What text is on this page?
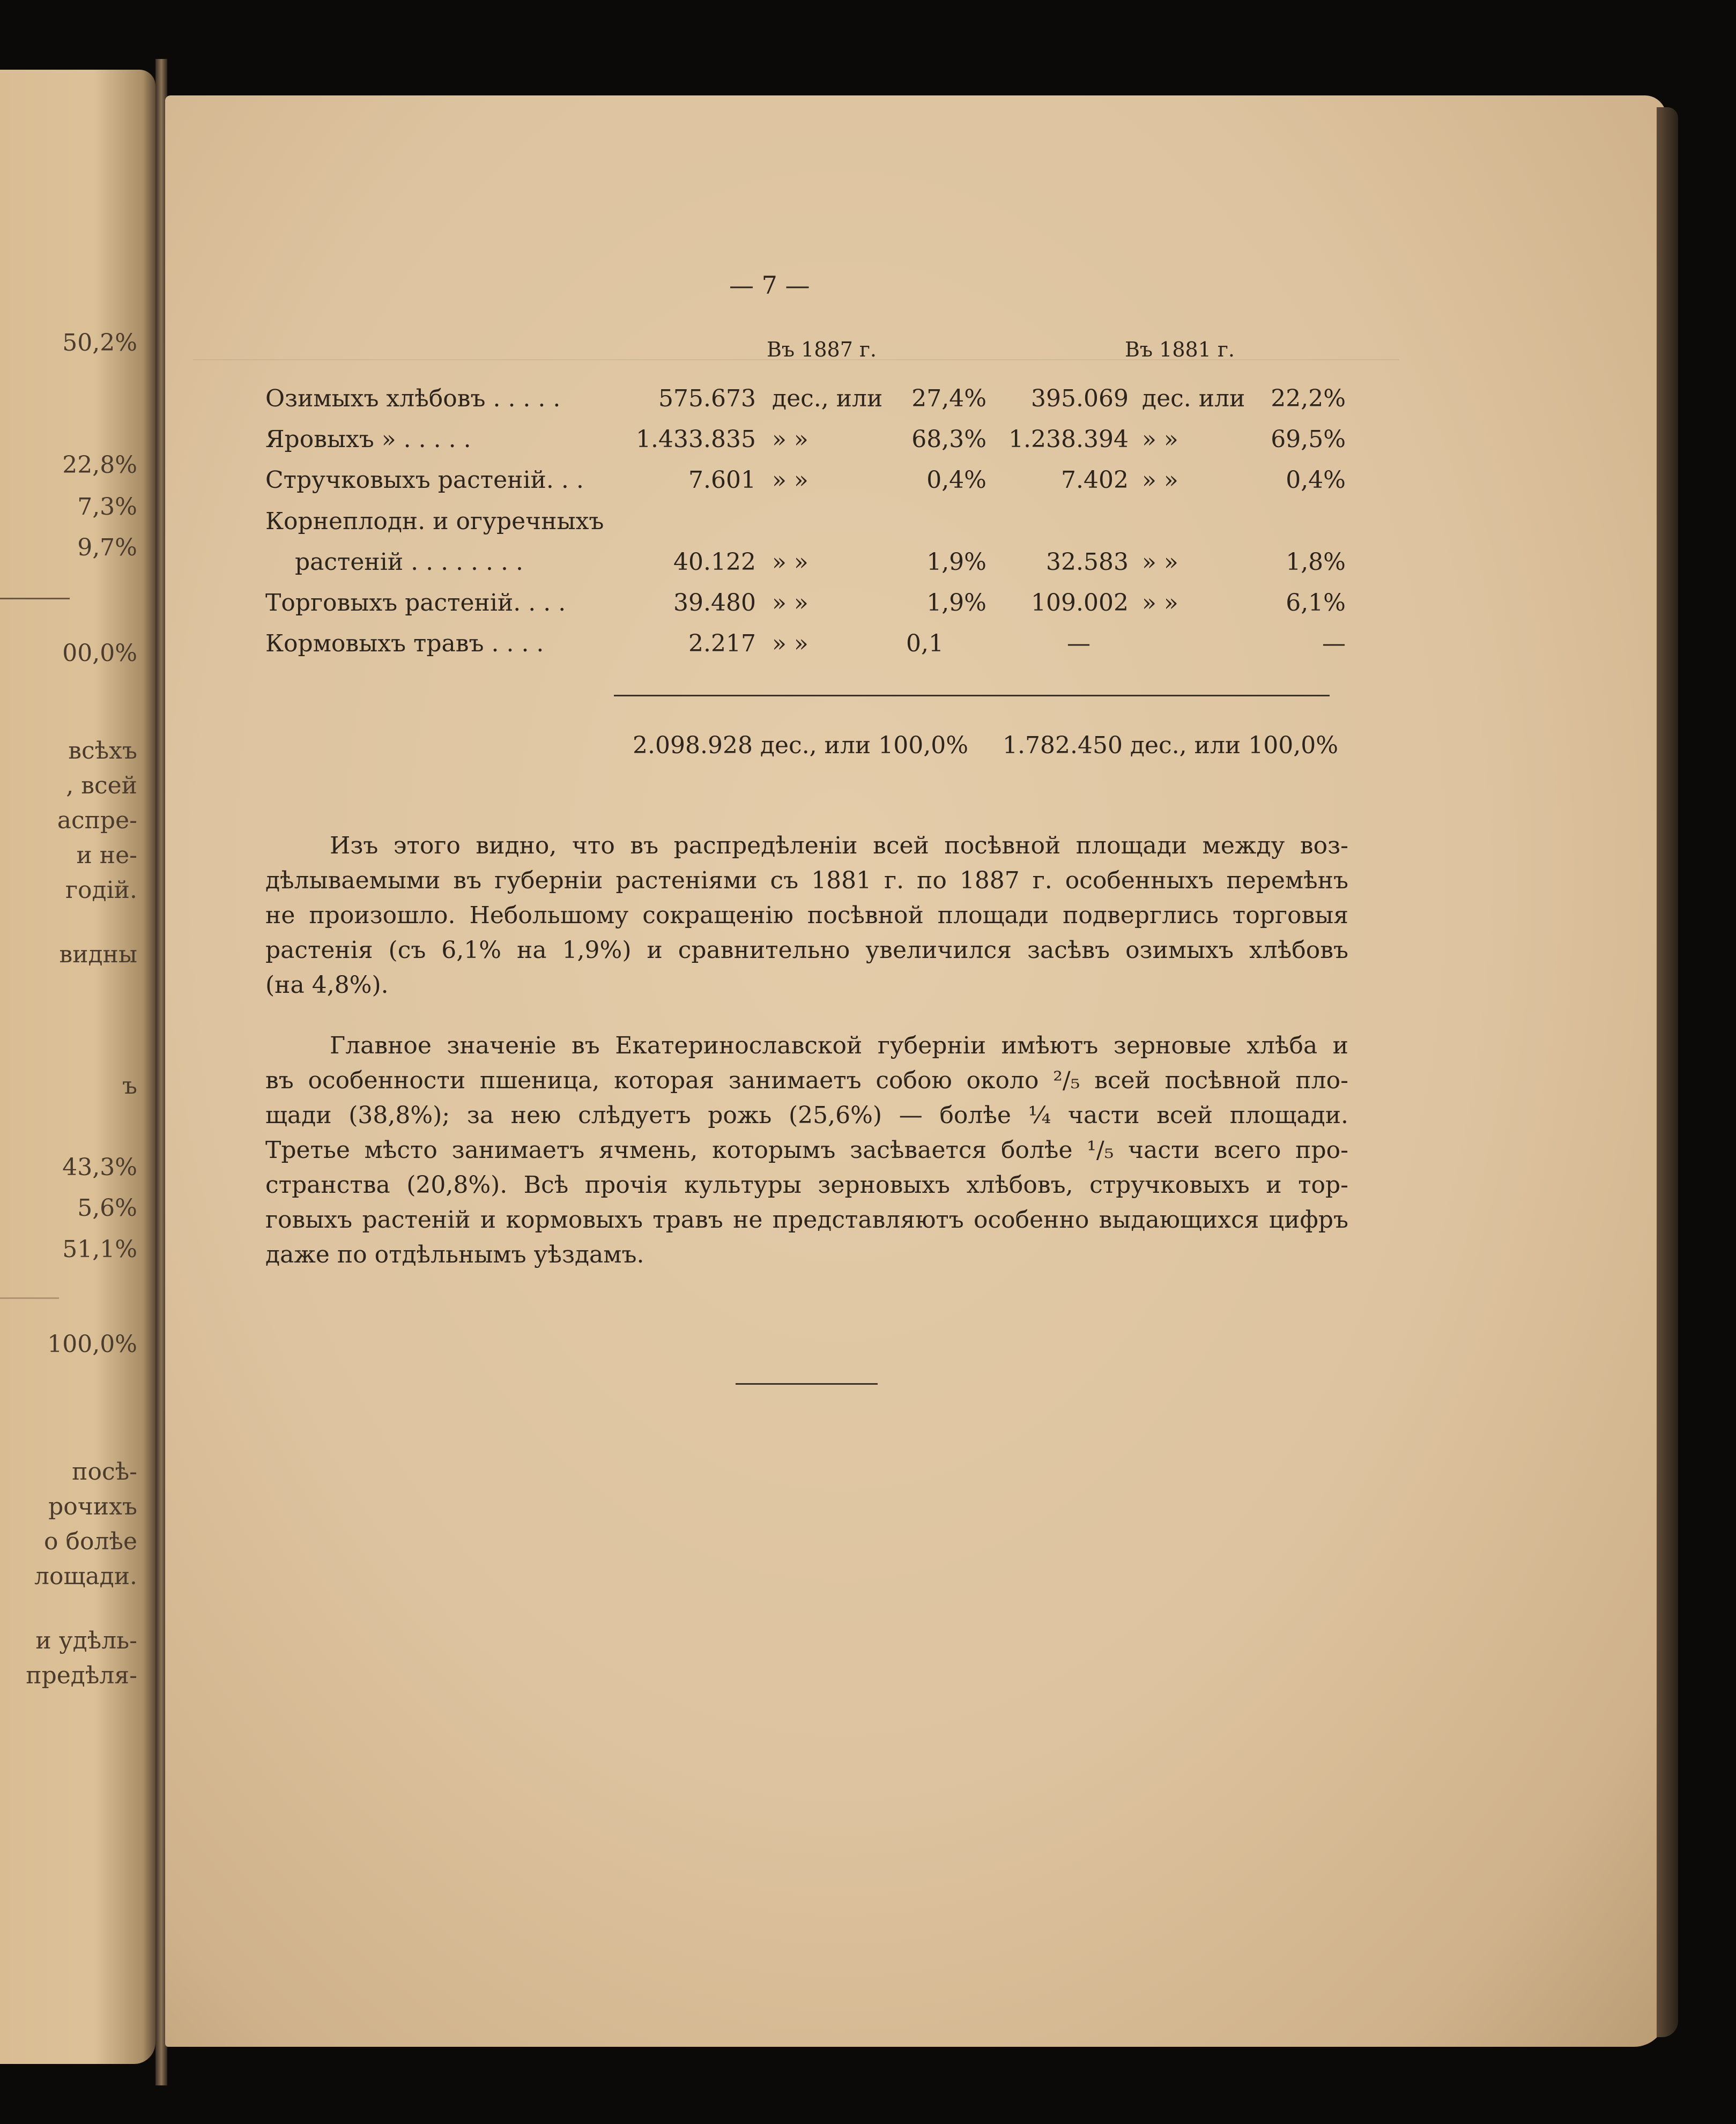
50,2%
22,8%
7,3%
9,7%
00,0%
всѣхъ
, всей
аспре-
и не-
годій.
видны
ъ
43,3%
5,6%
51,1%
100,0%
посѣ-
рочихъ
о болѣе
лощади.
и удѣль-
предѣля-
— 7 —
Въ 1887 г.	Въ 1881 г.
Озимыхъ хлѣбовъ . . . . .	575.673 дес., или	27,4%	395.069 дес. или	22,2%
Яровыхъ » . . . . .	1.433.835 » »	68,3% 1.238.394 » »	69,5%
Стручковыхъ растеній. . .	7.601 » »	0,4%	7.402 » »	0,4%
Корнеплодн. и огуречныхъ
растеній . . . . . . . .	40.122 » »	1,9%	32.583 » »	1,8%
Торговыхъ растеній. . . .	39.480 » »	1,9%	109.002 » »	6,1%
Кормовыхъ травъ . . . .	2.217 » »	0,1	—	—
2.098.928 дес., или 100,0% 1.782.450 дес., или 100,0%
Изъ этого видно, что въ распредѣленіи всей посѣвной площади между воз-
дѣлываемыми въ губерніи растеніями съ 1881 г. по 1887 г. особенныхъ перемѣнъ
не произошло. Небольшому сокращенію посѣвной площади подверглись торговыя
растенія (съ 6,1% на 1,9%) и сравнительно увеличился засѣвъ озимыхъ хлѣбовъ
(на 4,8%).
Главное значеніе въ Екатеринославской губерніи имѣютъ зерновые хлѣба и
въ особенности пшеница, которая занимаетъ собою около ²/₅ всей посѣвной пло-
щади (38,8%); за нею слѣдуетъ рожь (25,6%) — болѣе ¼ части всей площади.
Третье мѣсто занимаетъ ячмень, которымъ засѣвается болѣе ¹/₅ части всего про-
странства (20,8%). Всѣ прочія культуры зерновыхъ хлѣбовъ, стручковыхъ и тор-
говыхъ растеній и кормовыхъ травъ не представляютъ особенно выдающихся цифръ
даже по отдѣльнымъ уѣздамъ.
